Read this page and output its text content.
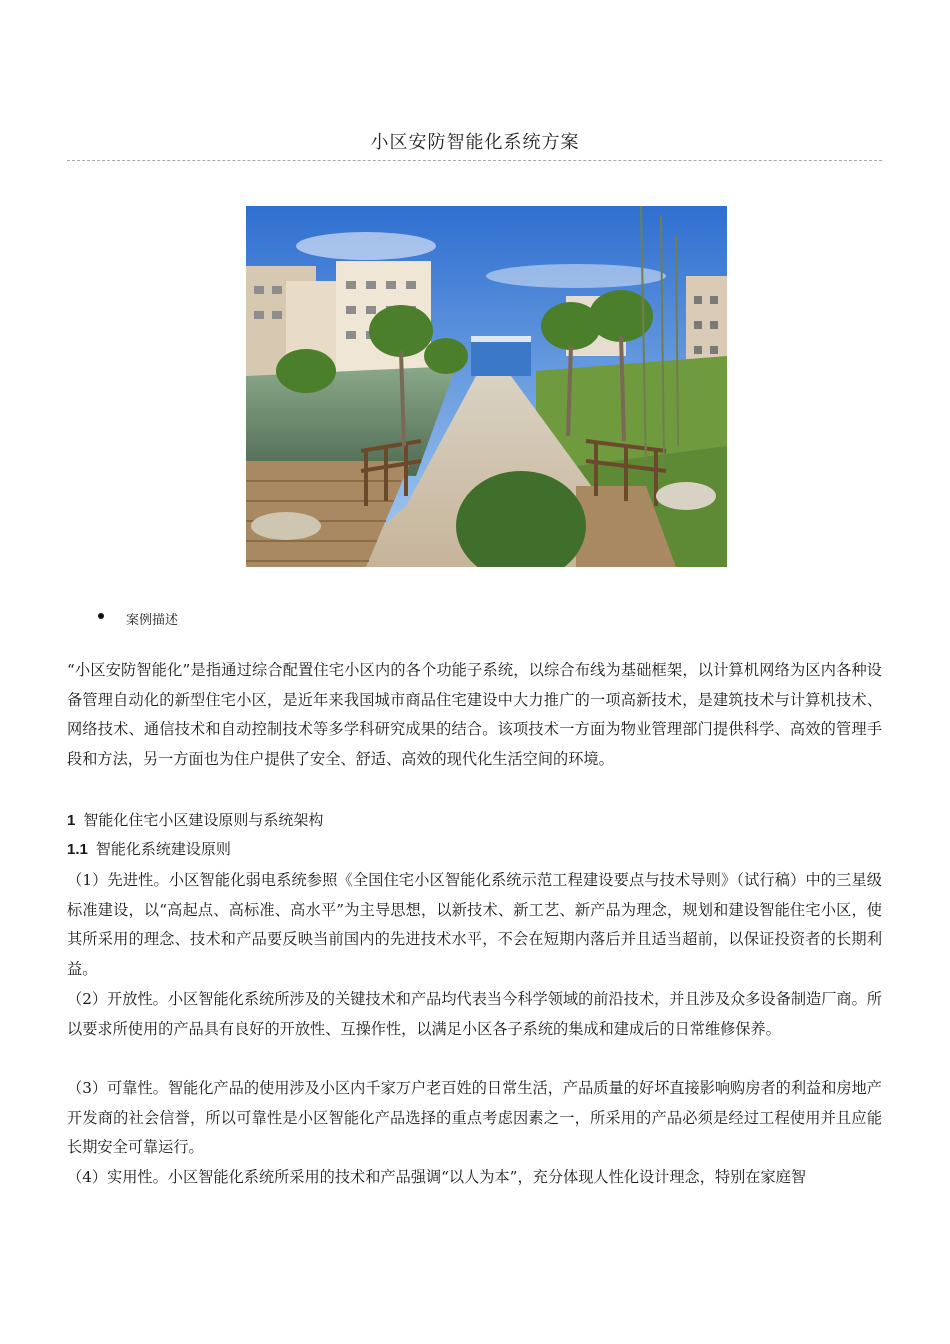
小区安防智能化系统方案
案例描述
“小区安防智能化”是指通过综合配置住宅小区内的各个功能子系统，以综合布线为基础框架，以计算机网络为区内各种设备管理自动化的新型住宅小区，是近年来我国城市商品住宅建设中大力推广的一项高新技术，是建筑技术与计算机技术、网络技术、通信技术和自动控制技术等多学科研究成果的结合。该项技术一方面为物业管理部门提供科学、高效的管理手段和方法，另一方面也为住户提供了安全、舒适、高效的现代化生活空间的环境。
1 智能化住宅小区建设原则与系统架构
1.1 智能化系统建设原则
（1）先进性。小区智能化弱电系统参照《全国住宅小区智能化系统示范工程建设要点与技术导则》（试行稿）中的三星级标准建设，以“高起点、高标准、高水平”为主导思想，以新技术、新工艺、新产品为理念，规划和建设智能住宅小区，使其所采用的理念、技术和产品要反映当前国内的先进技术水平，不会在短期内落后并且适当超前，以保证投资者的长期利益。
（2）开放性。小区智能化系统所涉及的关键技术和产品均代表当今科学领域的前沿技术，并且涉及众多设备制造厂商。所以要求所使用的产品具有良好的开放性、互操作性，以满足小区各子系统的集成和建成后的日常维修保养。
（3）可靠性。智能化产品的使用涉及小区内千家万户老百姓的日常生活，产品质量的好坏直接影响购房者的利益和房地产开发商的社会信誉，所以可靠性是小区智能化产品选择的重点考虑因素之一，所采用的产品必须是经过工程使用并且应能长期安全可靠运行。
（4）实用性。小区智能化系统所采用的技术和产品强调“以人为本”，充分体现人性化设计理念，特别在家庭智
